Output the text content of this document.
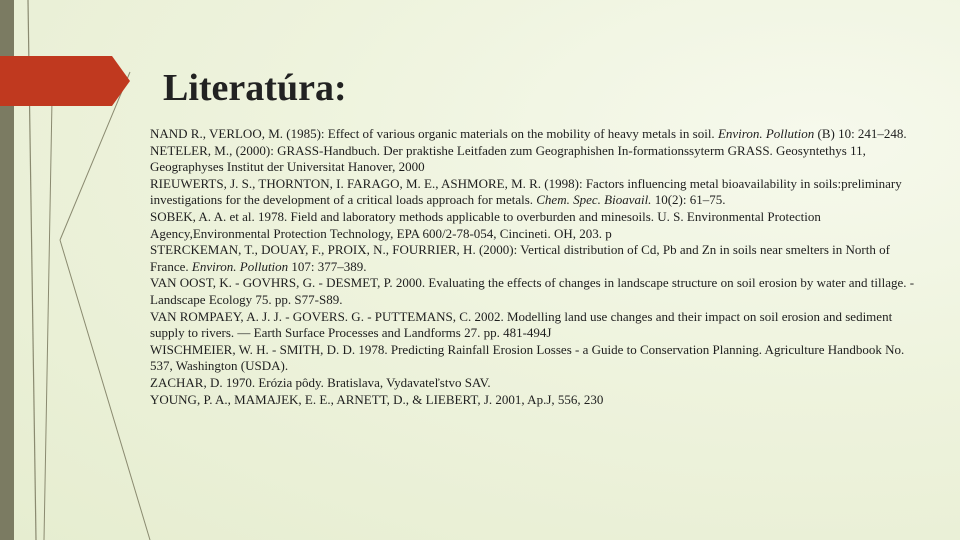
Literatúra:

NAND R., VERLOO, M. (1985): Effect of various organic materials on the mobility of heavy metals in soil. Environ. Pollution (B) 10: 241–248.

NETELER, M., (2000): GRASS-Handbuch. Der praktishe Leitfaden zum Geographishen In-formationssyterm GRASS. Geosyntethys 11, Geographyses Institut der Universitat Hanover, 2000

RIEUWERTS, J. S., THORNTON, I. FARAGO, M. E., ASHMORE, M. R. (1998): Factors influencing metal bioavailability in soils:preliminary investigations for the development of a critical loads approach for metals. Chem. Spec. Bioavail. 10(2): 61–75.

SOBEK, A. A. et al. 1978. Field and laboratory methods applicable to overburden and minesoils. U. S. Environmental Protection Agency,Environmental Protection Technology, EPA 600/2-78-054, Cincineti. OH, 203. p

STERCKEMAN, T., DOUAY, F., PROIX, N., FOURRIER, H. (2000): Vertical distribution of Cd, Pb and Zn in soils near smelters in North of France. Environ. Pollution 107: 377–389.

VAN OOST, K. - GOVHRS, G. - DESMET, P. 2000. Evaluating the effects of changes in landscape structure on soil erosion by water and tillage. - Landscape Ecology 75. pp. S77-S89.

VAN ROMPAEY, A. J. J. - GOVERS. G. - PUTTEMANS, C. 2002. Modelling land use changes and their impact on soil erosion and sediment supply to rivers. — Earth Surface Processes and Landforms 27. pp. 481-494J

WISCHMEIER, W. H. - SMITH, D. D. 1978. Predicting Rainfall Erosion Losses - a Guide to Conservation Planning. Agriculture Handbook No. 537, Washington (USDA).

ZACHAR, D. 1970. Erózia pôdy. Bratislava, Vydavateľstvo SAV.

YOUNG, P. A., MAMAJEK, E. E., ARNETT, D., & LIEBERT, J. 2001, Ap.J, 556, 230
